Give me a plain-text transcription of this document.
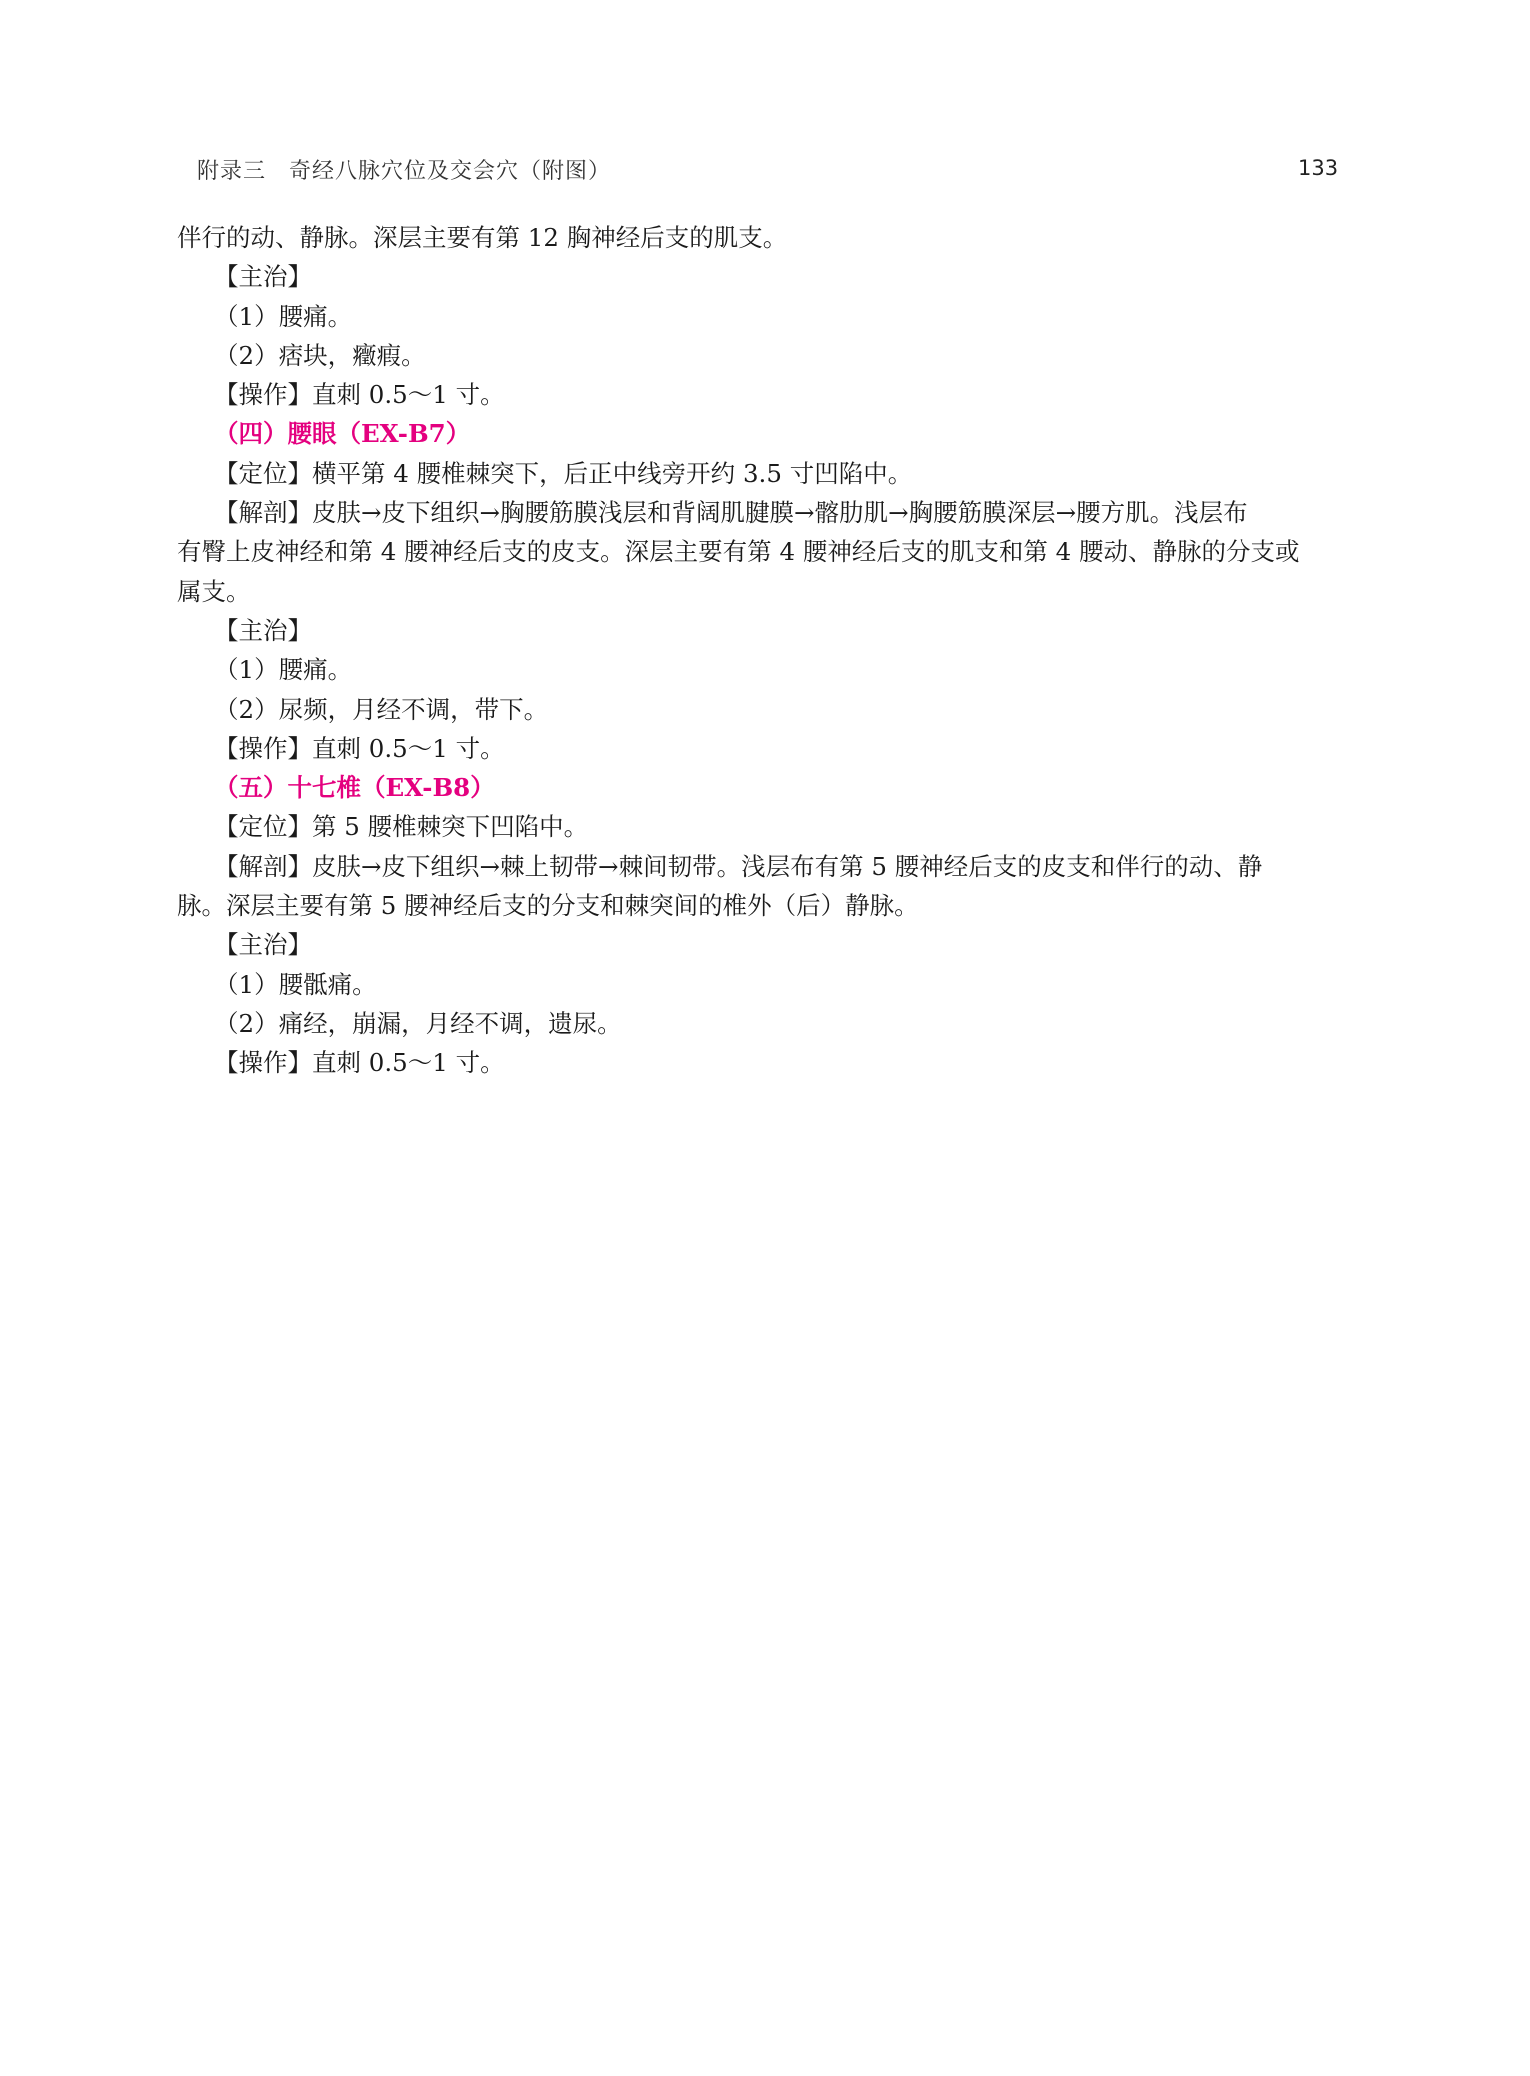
附录三　奇经八脉穴位及交会穴（附图）	133

伴行的动、静脉。深层主要有第 12 胸神经后支的肌支。

【主治】

（1）腰痛。

（2）痞块，癥瘕。

【操作】直刺 0.5～1 寸。

（四）腰眼（EX-B7）

【定位】横平第 4 腰椎棘突下，后正中线旁开约 3.5 寸凹陷中。

【解剖】皮肤→皮下组织→胸腰筋膜浅层和背阔肌腱膜→髂肋肌→胸腰筋膜深层→腰方肌。浅层布

有臀上皮神经和第 4 腰神经后支的皮支。深层主要有第 4 腰神经后支的肌支和第 4 腰动、静脉的分支或

属支。

【主治】

（1）腰痛。

（2）尿频，月经不调，带下。

【操作】直刺 0.5～1 寸。

（五）十七椎（EX-B8）

【定位】第 5 腰椎棘突下凹陷中。

【解剖】皮肤→皮下组织→棘上韧带→棘间韧带。浅层布有第 5 腰神经后支的皮支和伴行的动、静

脉。深层主要有第 5 腰神经后支的分支和棘突间的椎外（后）静脉。

【主治】

（1）腰骶痛。

（2）痛经，崩漏，月经不调，遗尿。

【操作】直刺 0.5～1 寸。
